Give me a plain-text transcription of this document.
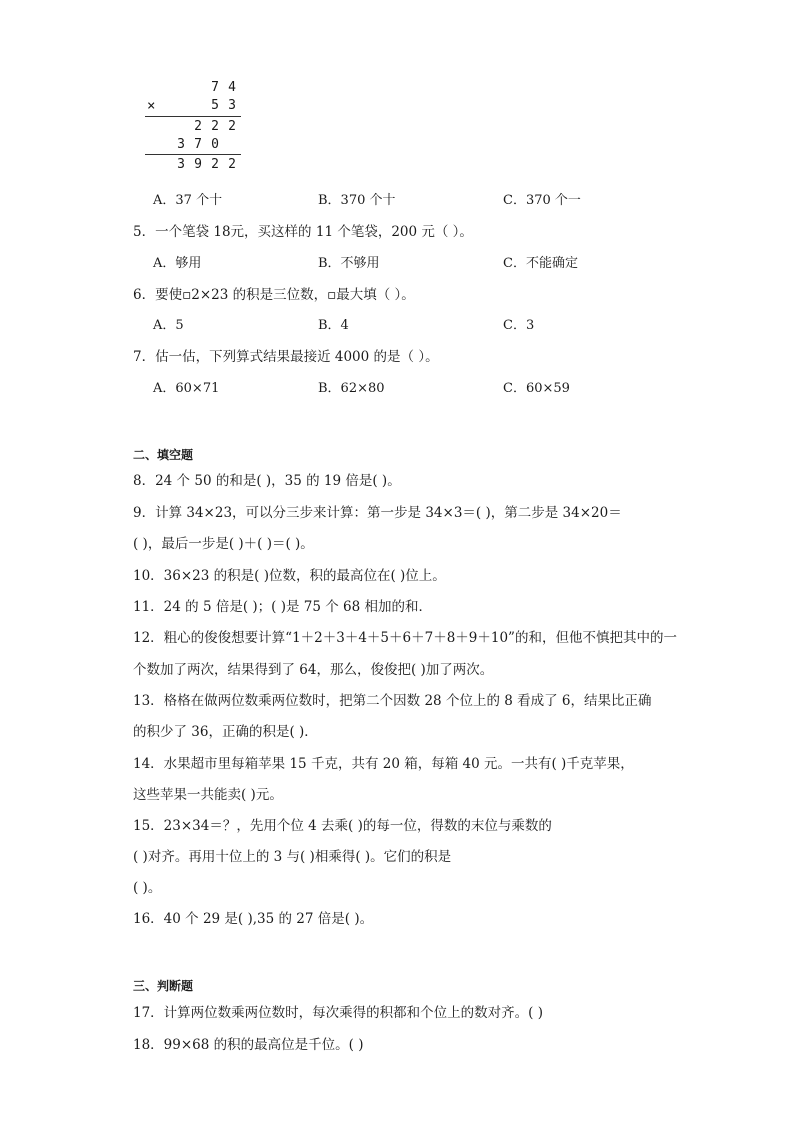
7 4
×	5 3
2 2 2
3 7 0
3 9 2 2
A．37 个十	B．370 个十	C．370 个一
5．一个笔袋 18元，买这样的 11 个笔袋，200 元（ ）。
A．够用	B．不够用	C．不能确定
6．要使▫2×23 的积是三位数，▫最大填（ ）。
A．5	B．4	C．3
7．估一估，下列算式结果最接近 4000 的是（ ）。
A．60×71	B．62×80	C．60×59
二、填空题
8．24 个 50 的和是( )，35 的 19 倍是( )。
9．计算 34×23，可以分三步来计算：第一步是 34×3＝( )，第二步是 34×20＝
( )，最后一步是( )＋( )＝( )。
10．36×23 的积是( )位数，积的最高位在( )位上。
11．24 的 5 倍是( )；( )是 75 个 68 相加的和．
12．粗心的俊俊想要计算“1＋2＋3＋4＋5＋6＋7＋8＋9＋10”的和，但他不慎把其中的一
个数加了两次，结果得到了 64，那么，俊俊把( )加了两次。
13．格格在做两位数乘两位数时，把第二个因数 28 个位上的 8 看成了 6，结果比正确
的积少了 36，正确的积是( )．
14．水果超市里每箱苹果 15 千克，共有 20 箱，每箱 40 元。一共有( )千克苹果，
这些苹果一共能卖( )元。
15．23×34＝？，先用个位 4 去乘( )的每一位，得数的末位与乘数的
( )对齐。再用十位上的 3 与( )相乘得( )。它们的积是
( )。
16．40 个 29 是( ),35 的 27 倍是( )。
三、判断题
17．计算两位数乘两位数时，每次乘得的积都和个位上的数对齐。( )
18．99×68 的积的最高位是千位。( )
